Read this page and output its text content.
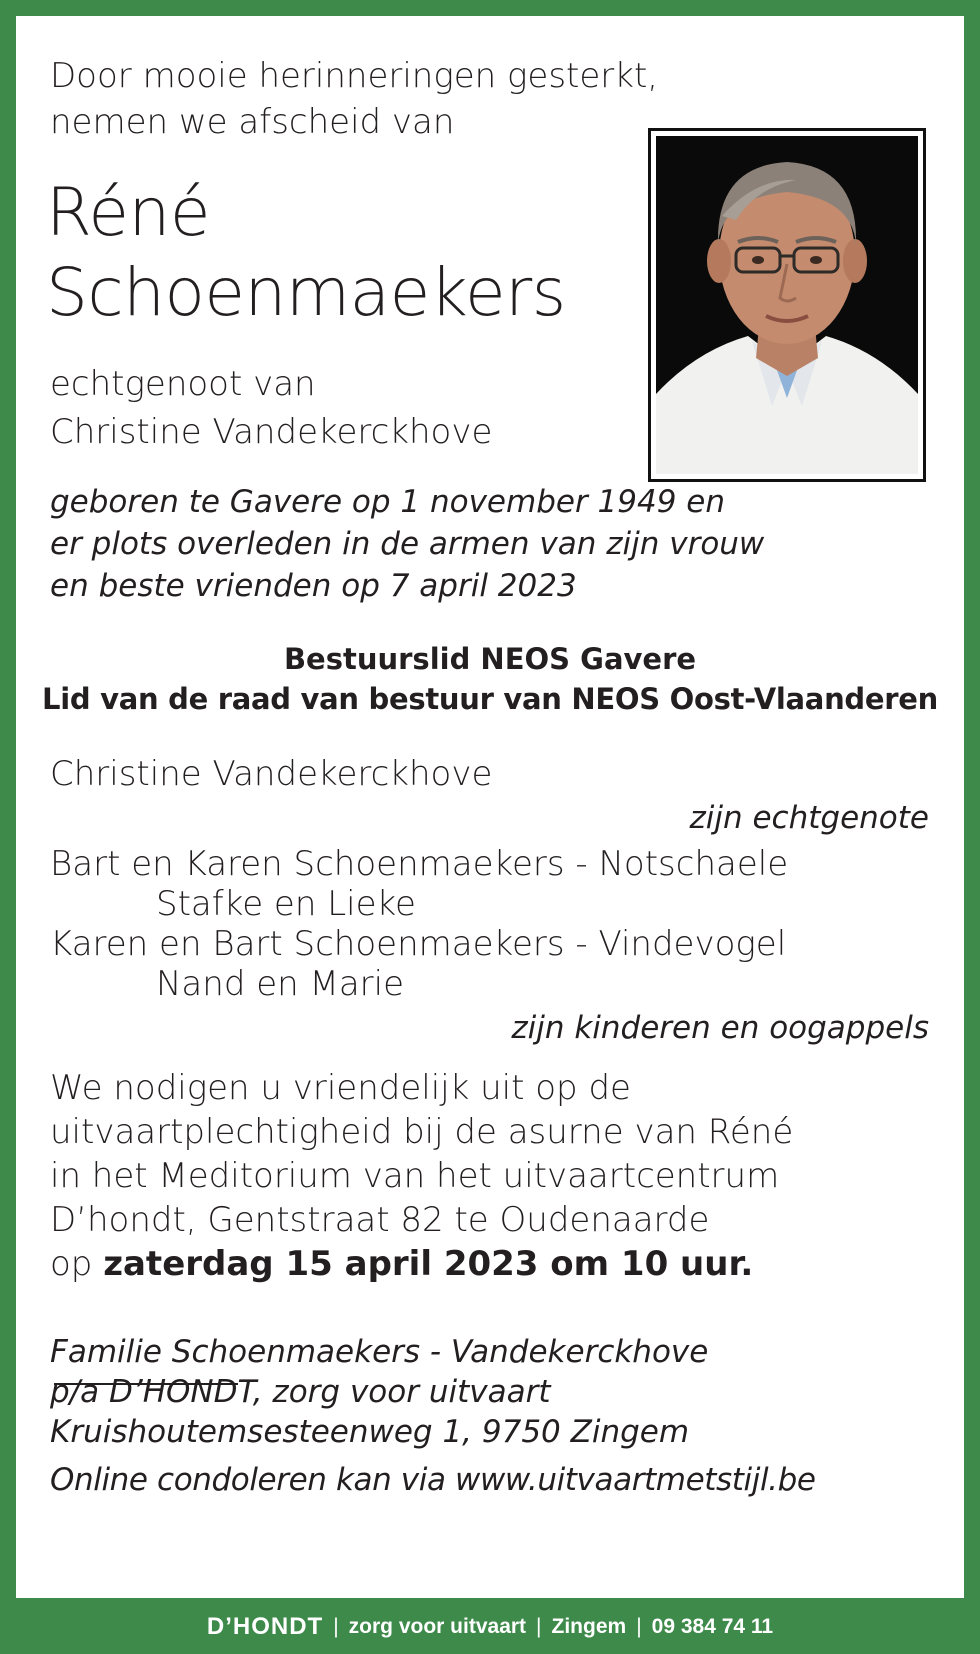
Door mooie herinneringen gesterkt,

nemen we afscheid van

Réné

Schoenmaekers

echtgenoot van

Christine Vandekerckhove

geboren te Gavere op 1 november 1949 en

er plots overleden in de armen van zijn vrouw

en beste vrienden op 7 april 2023

Bestuurslid NEOS Gavere

Lid van de raad van bestuur van NEOS Oost-Vlaanderen

Christine Vandekerckhove

zijn echtgenote

Bart en Karen Schoenmaekers - Notschaele

Stafke en Lieke

Karen en Bart Schoenmaekers - Vindevogel

Nand en Marie

zijn kinderen en oogappels

We nodigen u vriendelijk uit op de

uitvaartplechtigheid bij de asurne van Réné

in het Meditorium van het uitvaartcentrum

D’hondt, Gentstraat 82 te Oudenaarde

op zaterdag 15 april 2023 om 10 uur.

Familie Schoenmaekers - Vandekerckhove

p/a D’HONDT, zorg voor uitvaart

Kruishoutemsesteenweg 1, 9750 Zingem

Online condoleren kan via www.uitvaartmetstijl.be

D’HONDT | zorg voor uitvaart | Zingem | 09 384 74 11
